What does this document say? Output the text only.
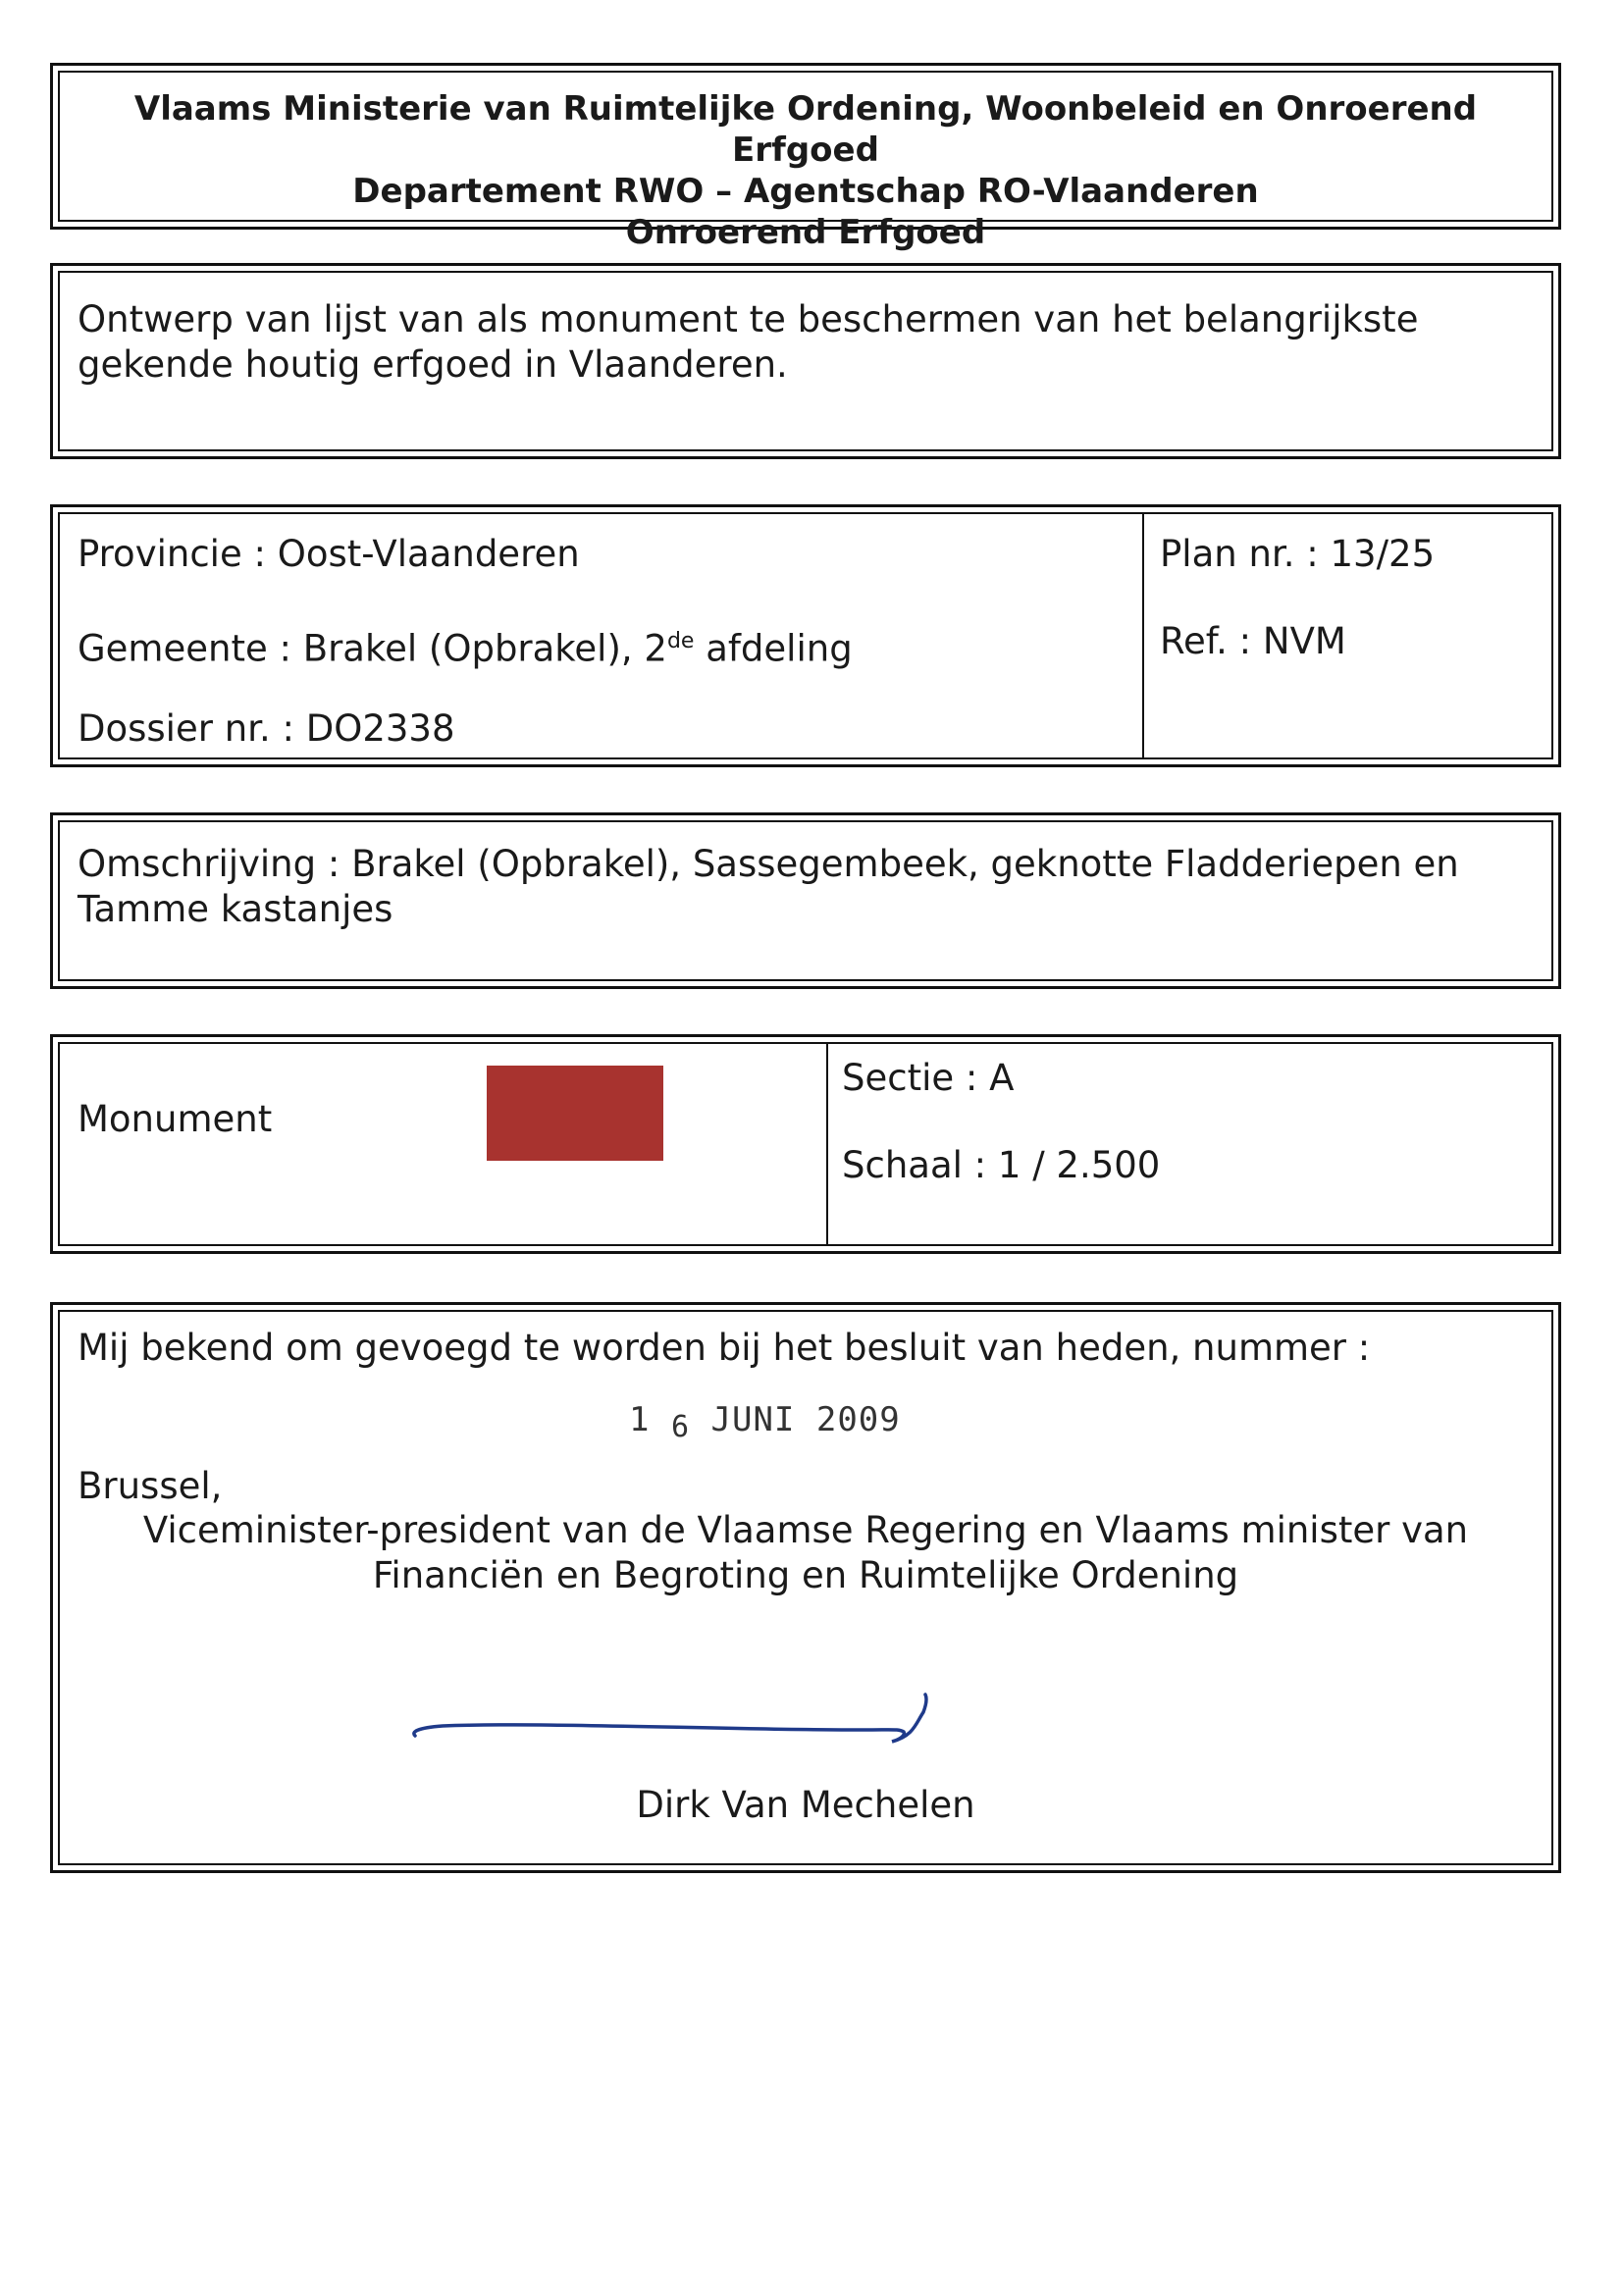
Vlaams Ministerie van Ruimtelijke Ordening, Woonbeleid en Onroerend Erfgoed
Departement RWO – Agentschap RO-Vlaanderen
Onroerend Erfgoed
Ontwerp van lijst van als monument te beschermen van het belangrijkste gekende houtig erfgoed in Vlaanderen.
Provincie : Oost-Vlaanderen
Gemeente : Brakel (Opbrakel), 2de afdeling
Dossier nr. : DO2338
Plan nr. : 13/25
Ref. : NVM
Omschrijving : Brakel (Opbrakel), Sassegembeek, geknotte Fladderiepen en Tamme kastanjes
Monument
Sectie : A
Schaal : 1 / 2.500
Mij bekend om gevoegd te worden bij het besluit van heden, nummer :
1 6 JUNI 2009
Brussel,
Viceminister-president van de Vlaamse Regering en Vlaams minister van
Financiën en Begroting en Ruimtelijke Ordening
Dirk Van Mechelen
